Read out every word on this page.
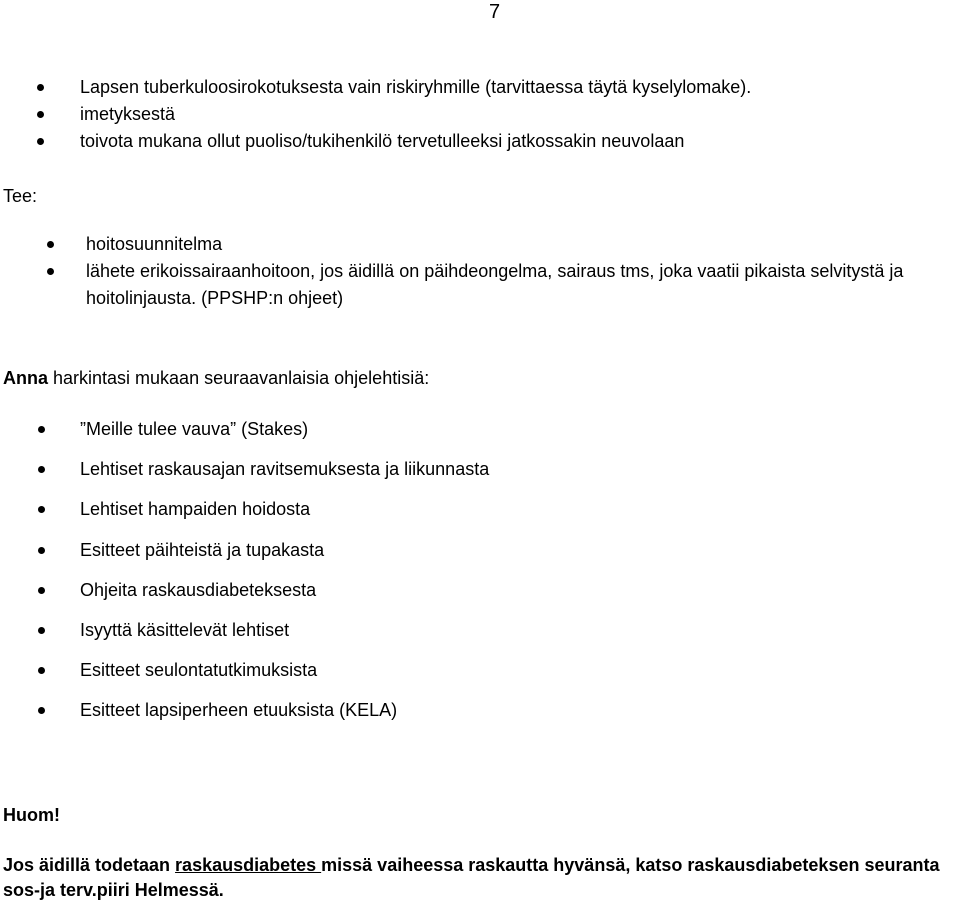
7
Lapsen tuberkuloosirokotuksesta vain riskiryhmille (tarvittaessa täytä kyselylomake).
imetyksestä
toivota mukana ollut puoliso/tukihenkilö tervetulleeksi jatkossakin neuvolaan
Tee:
hoitosuunnitelma
lähete erikoissairaanhoitoon, jos äidillä on päihdeongelma, sairaus tms, joka vaatii pikaista selvitystä ja hoitolinjausta. (PPSHP:n ohjeet)
Anna harkintasi mukaan seuraavanlaisia ohjelehtisiä:
”Meille tulee vauva” (Stakes)
Lehtiset raskausajan ravitsemuksesta ja liikunnasta
Lehtiset hampaiden hoidosta
Esitteet päihteistä ja tupakasta
Ohjeita raskausdiabeteksesta
Isyyttä käsittelevät lehtiset
Esitteet seulontatutkimuksista
Esitteet lapsiperheen etuuksista (KELA)
Huom!
Jos äidillä todetaan raskausdiabetes missä vaiheessa raskautta hyvänsä, katso raskausdiabeteksen seuranta sos-ja terv.piiri Helmessä.
